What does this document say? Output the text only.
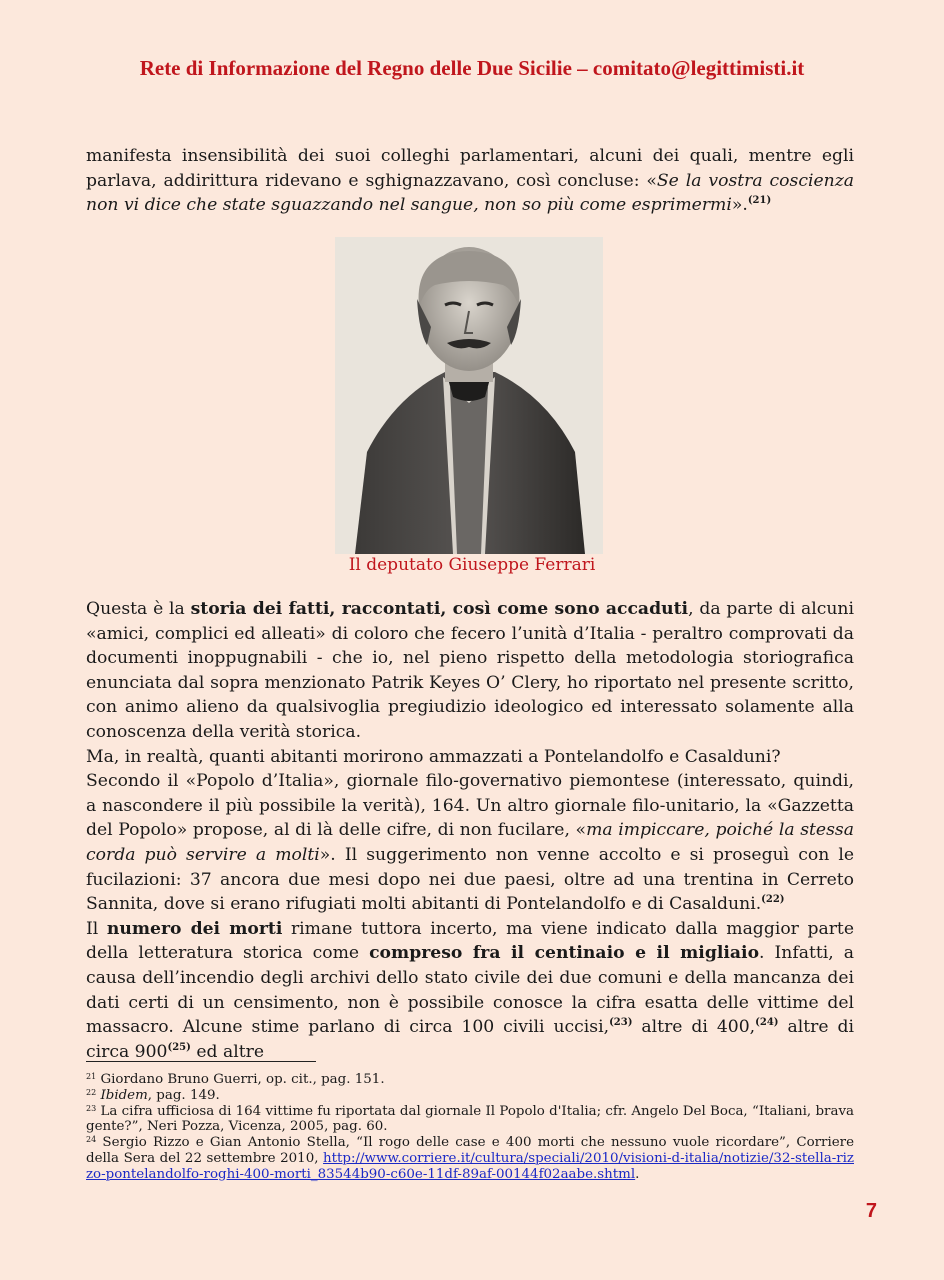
Rete di Informazione del Regno delle Due Sicilie – comitato@legittimisti.it

manifesta insensibilità dei suoi colleghi parlamentari, alcuni dei quali, mentre egli parlava, addirittura ridevano e sghignazzavano, così concluse: «Se la vostra coscienza non vi dice che state sguazzando nel sangue, non so più come esprimermi».$^{(21)}$

Il deputato Giuseppe Ferrari

Questa è la storia dei fatti, raccontati, così come sono accaduti, da parte di alcuni «amici, complici ed alleati» di coloro che fecero l’unità d’Italia - peraltro comprovati da documenti inoppugnabili - che io, nel pieno rispetto della metodologia storiografica enunciata dal sopra menzionato Patrik Keyes O’ Clery, ho riportato nel presente scritto, con animo alieno da qualsivoglia pregiudizio ideologico ed interessato solamente alla conoscenza della verità storica.

Ma, in realtà, quanti abitanti morirono ammazzati a Pontelandolfo e Casalduni?

Secondo il «Popolo d’Italia», giornale filo-governativo piemontese (interessato, quindi, a nascondere il più possibile la verità), 164. Un altro giornale filo-unitario, la «Gazzetta del Popolo» propose, al di là delle cifre, di non fucilare, «ma impiccare, poiché la stessa corda può servire a molti». Il suggerimento non venne accolto e si proseguì con le fucilazioni: 37 ancora due mesi dopo nei due paesi, oltre ad una trentina in Cerreto Sannita, dove si erano rifugiati molti abitanti di Pontelandolfo e di Casalduni.$^{(22)}$

Il numero dei morti rimane tuttora incerto, ma viene indicato dalla maggior parte della letteratura storica come compreso fra il centinaio e il migliaio. Infatti, a causa dell’incendio degli archivi dello stato civile dei due comuni e della mancanza dei dati certi di un censimento, non è possibile conosce la cifra esatta delle vittime del massacro. Alcune stime parlano di circa 100 civili uccisi,$^{(23)}$ altre di 400,$^{(24)}$ altre di circa 900$^{(25)}$ ed altre

$^{21}$ Giordano Bruno Guerri, op. cit., pag. 151.

$^{22}$ Ibidem, pag. 149.

$^{23}$ La cifra ufficiosa di 164 vittime fu riportata dal giornale Il Popolo d'Italia; cfr. Angelo Del Boca, “Italiani, brava gente?”, Neri Pozza, Vicenza, 2005, pag. 60.

$^{24}$ Sergio Rizzo e Gian Antonio Stella, “Il rogo delle case e 400 morti che nessuno vuole ricordare”, Corriere della Sera del 22 settembre 2010, http://www.corriere.it/cultura/speciali/2010/visioni-d-italia/notizie/32-stella-rizzo-pontelandolfo-roghi-400-morti_83544b90-c60e-11df-89af-00144f02aabe.shtml.

7
